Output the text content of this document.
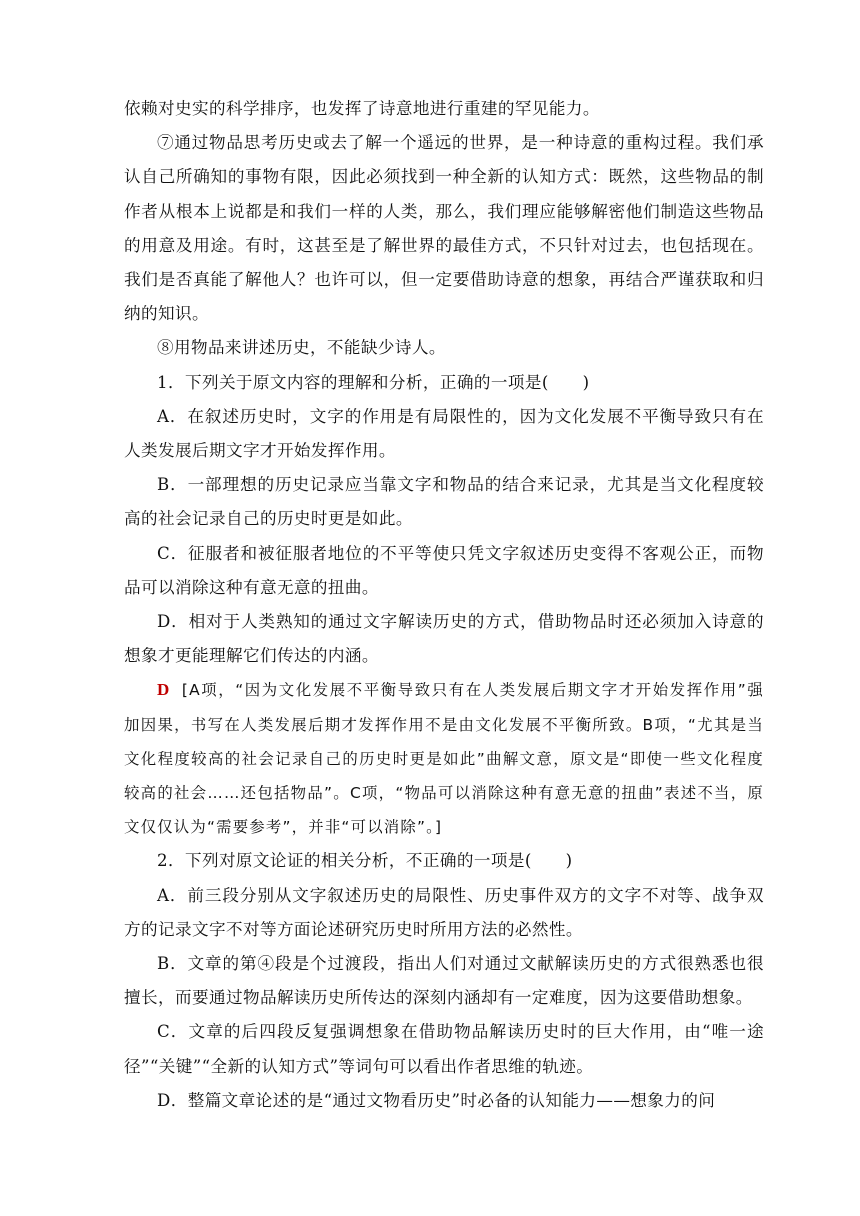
依赖对史实的科学排序，也发挥了诗意地进行重建的罕见能力。

⑦通过物品思考历史或去了解一个遥远的世界，是一种诗意的重构过程。我们承认自己所确知的事物有限，因此必须找到一种全新的认知方式：既然，这些物品的制作者从根本上说都是和我们一样的人类，那么，我们理应能够解密他们制造这些物品的用意及用途。有时，这甚至是了解世界的最佳方式，不只针对过去，也包括现在。我们是否真能了解他人？也许可以，但一定要借助诗意的想象，再结合严谨获取和归纳的知识。

⑧用物品来讲述历史，不能缺少诗人。

1．下列关于原文内容的理解和分析，正确的一项是(　　)

A．在叙述历史时，文字的作用是有局限性的，因为文化发展不平衡导致只有在人类发展后期文字才开始发挥作用。

B．一部理想的历史记录应当靠文字和物品的结合来记录，尤其是当文化程度较高的社会记录自己的历史时更是如此。

C．征服者和被征服者地位的不平等使只凭文字叙述历史变得不客观公正，而物品可以消除这种有意无意的扭曲。

D．相对于人类熟知的通过文字解读历史的方式，借助物品时还必须加入诗意的想象才更能理解它们传达的内涵。

D [A项，“因为文化发展不平衡导致只有在人类发展后期文字才开始发挥作用”强加因果，书写在人类发展后期才发挥作用不是由文化发展不平衡所致。B项，“尤其是当文化程度较高的社会记录自己的历史时更是如此”曲解文意，原文是“即使一些文化程度较高的社会……还包括物品”。C项，“物品可以消除这种有意无意的扭曲”表述不当，原文仅仅认为“需要参考”，并非“可以消除”。]

2．下列对原文论证的相关分析，不正确的一项是(　　)

A．前三段分别从文字叙述历史的局限性、历史事件双方的文字不对等、战争双方的记录文字不对等方面论述研究历史时所用方法的必然性。

B．文章的第④段是个过渡段，指出人们对通过文献解读历史的方式很熟悉也很擅长，而要通过物品解读历史所传达的深刻内涵却有一定难度，因为这要借助想象。

C．文章的后四段反复强调想象在借助物品解读历史时的巨大作用，由“唯一途径”“关键”“全新的认知方式”等词句可以看出作者思维的轨迹。

D．整篇文章论述的是“通过文物看历史”时必备的认知能力——想象力的问
